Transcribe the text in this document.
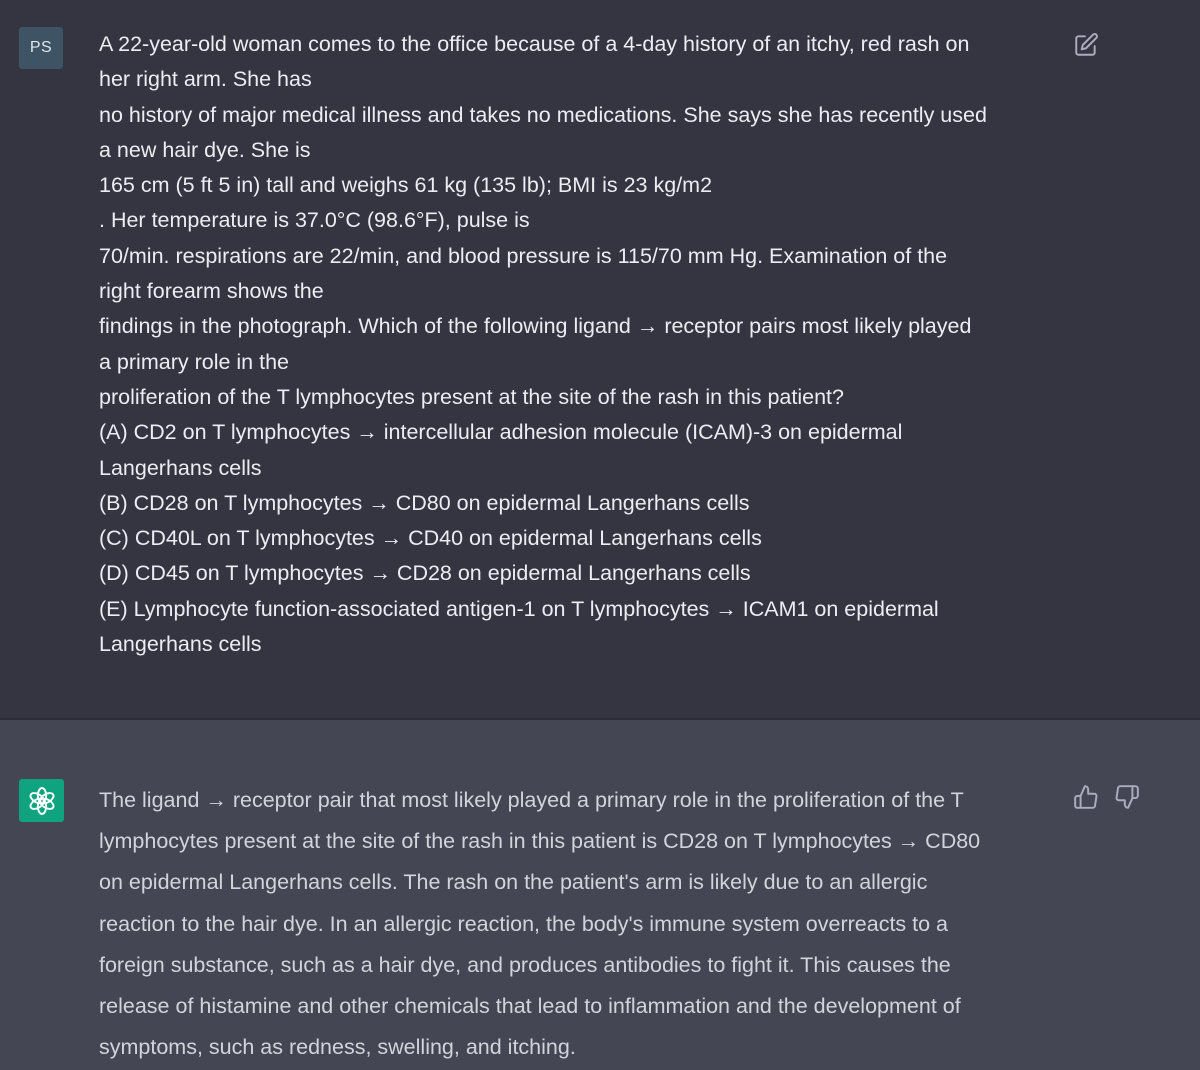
PS A 22-year-old woman comes to the office because of a 4-day history of an itchy, red rash on
her right arm. She has
no history of major medical illness and takes no medications. She says she has recently used
a new hair dye. She is
165 cm (5 ft 5 in) tall and weighs 61 kg (135 lb); BMI is 23 kg/m2
. Her temperature is 37.0°C (98.6°F), pulse is
70/min. respirations are 22/min, and blood pressure is 115/70 mm Hg. Examination of the
right forearm shows the
findings in the photograph. Which of the following ligand → receptor pairs most likely played
a primary role in the
proliferation of the T lymphocytes present at the site of the rash in this patient?
(A) CD2 on T lymphocytes → intercellular adhesion molecule (ICAM)-3 on epidermal
Langerhans cells
(B) CD28 on T lymphocytes → CD80 on epidermal Langerhans cells
(C) CD40L on T lymphocytes → CD40 on epidermal Langerhans cells
(D) CD45 on T lymphocytes → CD28 on epidermal Langerhans cells
(E) Lymphocyte function-associated antigen-1 on T lymphocytes → ICAM1 on epidermal
Langerhans cells

The ligand → receptor pair that most likely played a primary role in the proliferation of the T
lymphocytes present at the site of the rash in this patient is CD28 on T lymphocytes → CD80
on epidermal Langerhans cells. The rash on the patient's arm is likely due to an allergic
reaction to the hair dye. In an allergic reaction, the body's immune system overreacts to a
foreign substance, such as a hair dye, and produces antibodies to fight it. This causes the
release of histamine and other chemicals that lead to inflammation and the development of
symptoms, such as redness, swelling, and itching.
